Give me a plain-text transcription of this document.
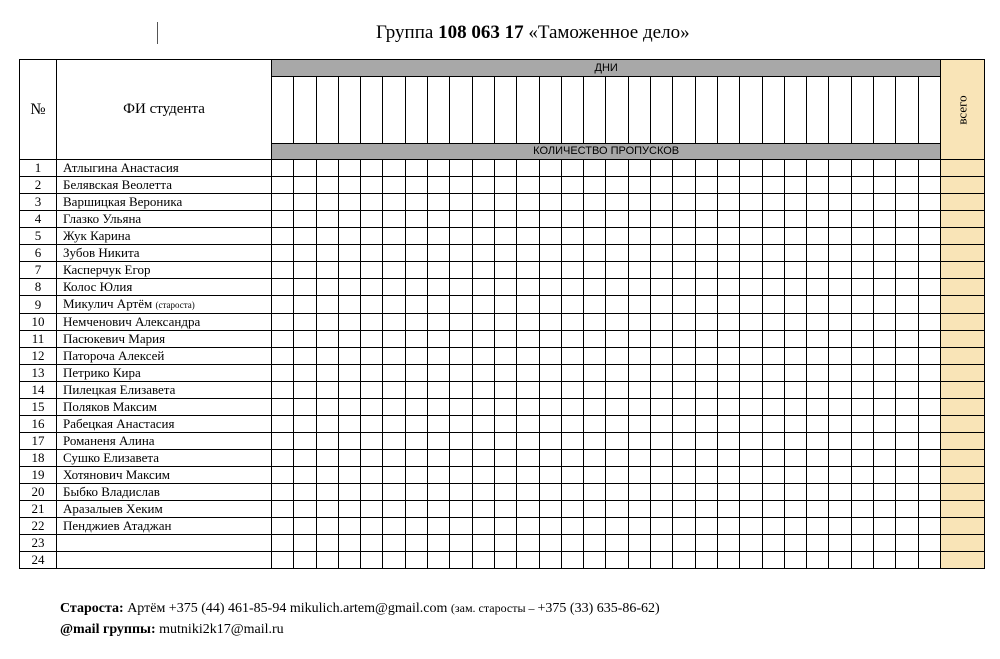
Группа 108 063 17 «Таможенное дело»
№	ФИ студента	ДНИ																														всего

		КОЛИЧЕСТВО ПРОПУСКОВ																														
1	Атлыгина Анастасия																															
2	Белявская Веолетта																															
3	Варшицкая Вероника																															
4	Глазко Ульяна																															
5	Жук Карина																															
6	Зубов Никита																															
7	Касперчук Егор																															
8	Колос Юлия																															
9	Микулич Артём (староста)																															
10	Немченович Александра																															
11	Пасюкевич Мария																															
12	Патороча Алексей																															
13	Петрико Кира																															
14	Пилецкая Елизавета																															
15	Поляков Максим																															
16	Рабецкая Анастасия																															
17	Романеня Алина																															
18	Сушко Елизавета																															
19	Хотянович Максим																															
20	Быбко Владислав																															
21	Аразалыев Хеким																															
22	Пенджиев Атаджан																															
23																																
24																																
Староста: Артём +375 (44) 461-85-94 mikulich.artem@gmail.com (зам. старосты – +375 (33) 635-86-62)
@mail группы: mutniki2k17@mail.ru
